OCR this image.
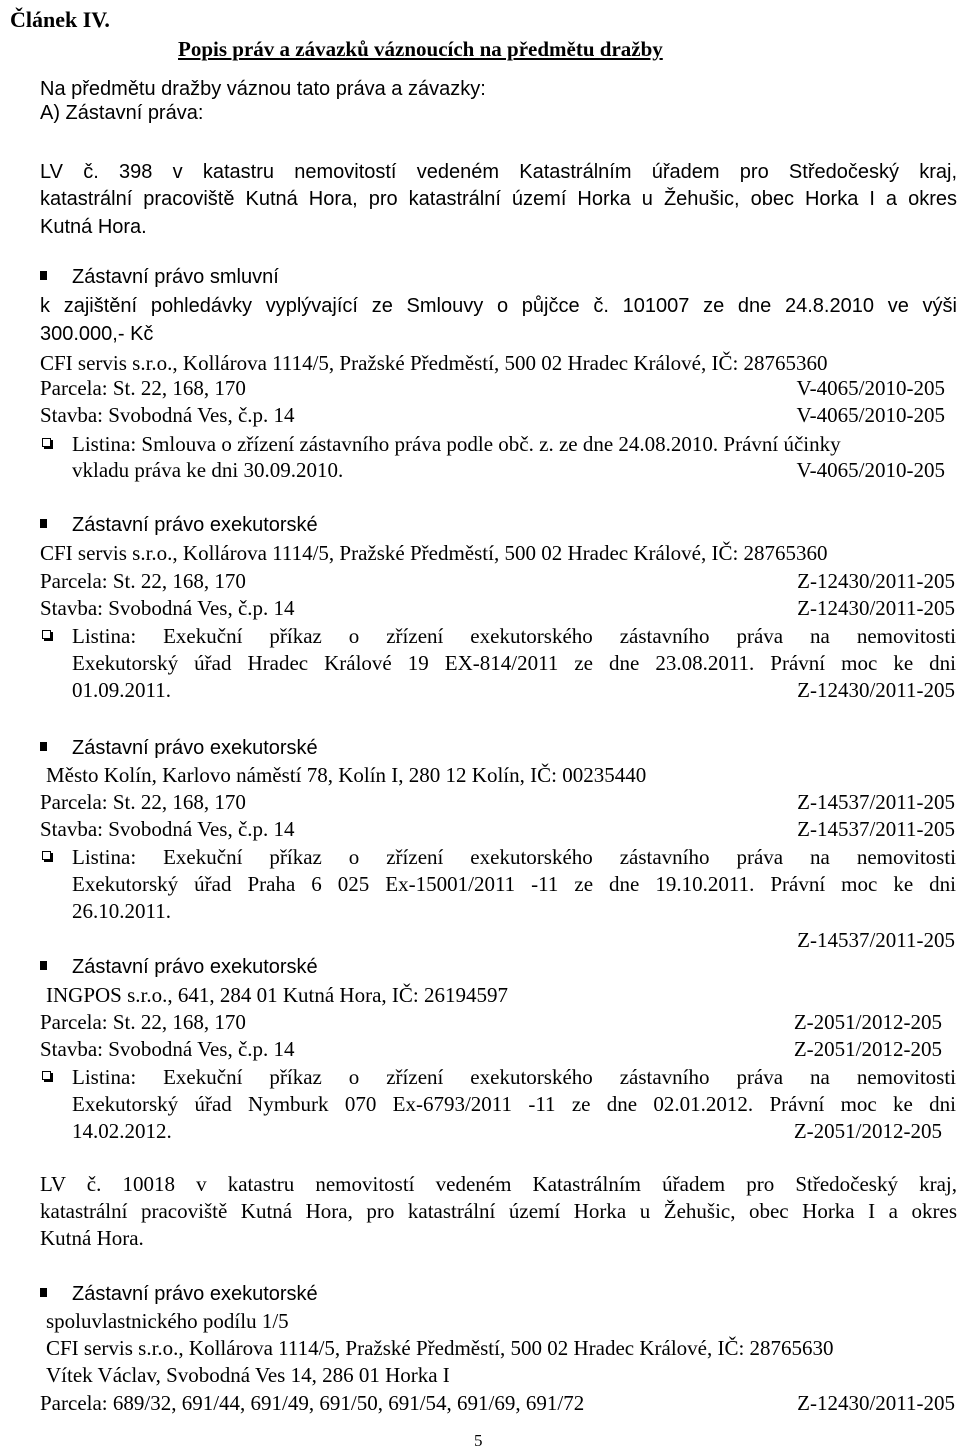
Článek IV.
Popis práv a závazků váznoucích na předmětu dražby
Na předmětu dražby váznou tato práva a závazky:
A) Zástavní práva:
LV č. 398 v katastru nemovitostí vedeném Katastrálním úřadem pro Středočeský kraj,
katastrální pracoviště Kutná Hora, pro katastrální území Horka u Žehušic, obec Horka I a okres
Kutná Hora.
Zástavní právo smluvní
k zajištění pohledávky vyplývající ze Smlouvy o půjčce č. 101007 ze dne 24.8.2010 ve výši
300.000,- Kč
CFI servis s.r.o., Kollárova 1114/5, Pražské Předměstí, 500 02 Hradec Králové, IČ: 28765360
Parcela: St. 22, 168, 170	V-4065/2010-205
Stavba: Svobodná Ves, č.p. 14	V-4065/2010-205
Listina: Smlouva o zřízení zástavního práva podle obč. z. ze dne 24.08.2010. Právní účinky
vkladu práva ke dni 30.09.2010.	V-4065/2010-205
Zástavní právo exekutorské
CFI servis s.r.o., Kollárova 1114/5, Pražské Předměstí, 500 02 Hradec Králové, IČ: 28765360
Parcela: St. 22, 168, 170	Z-12430/2011-205
Stavba: Svobodná Ves, č.p. 14	Z-12430/2011-205
Listina: Exekuční příkaz o zřízení exekutorského zástavního práva na nemovitosti
Exekutorský úřad Hradec Králové 19 EX-814/2011 ze dne 23.08.2011. Právní moc ke dni
01.09.2011.	Z-12430/2011-205
Zástavní právo exekutorské
Město Kolín, Karlovo náměstí 78, Kolín I, 280 12 Kolín, IČ: 00235440
Parcela: St. 22, 168, 170	Z-14537/2011-205
Stavba: Svobodná Ves, č.p. 14	Z-14537/2011-205
Listina: Exekuční příkaz o zřízení exekutorského zástavního práva na nemovitosti
Exekutorský úřad Praha 6 025 Ex-15001/2011 -11 ze dne 19.10.2011. Právní moc ke dni
26.10.2011.
Z-14537/2011-205
Zástavní právo exekutorské
INGPOS s.r.o., 641, 284 01 Kutná Hora, IČ: 26194597
Parcela: St. 22, 168, 170	Z-2051/2012-205
Stavba: Svobodná Ves, č.p. 14	Z-2051/2012-205
Listina: Exekuční příkaz o zřízení exekutorského zástavního práva na nemovitosti
Exekutorský úřad Nymburk 070 Ex-6793/2011 -11 ze dne 02.01.2012. Právní moc ke dni
14.02.2012.	Z-2051/2012-205
LV č. 10018 v katastru nemovitostí vedeném Katastrálním úřadem pro Středočeský kraj,
katastrální pracoviště Kutná Hora, pro katastrální území Horka u Žehušic, obec Horka I a okres
Kutná Hora.
Zástavní právo exekutorské
spoluvlastnického podílu 1/5
CFI servis s.r.o., Kollárova 1114/5, Pražské Předměstí, 500 02 Hradec Králové, IČ: 28765630
Vítek Václav, Svobodná Ves 14, 286 01 Horka I
Parcela: 689/32, 691/44, 691/49, 691/50, 691/54, 691/69, 691/72	Z-12430/2011-205
5
